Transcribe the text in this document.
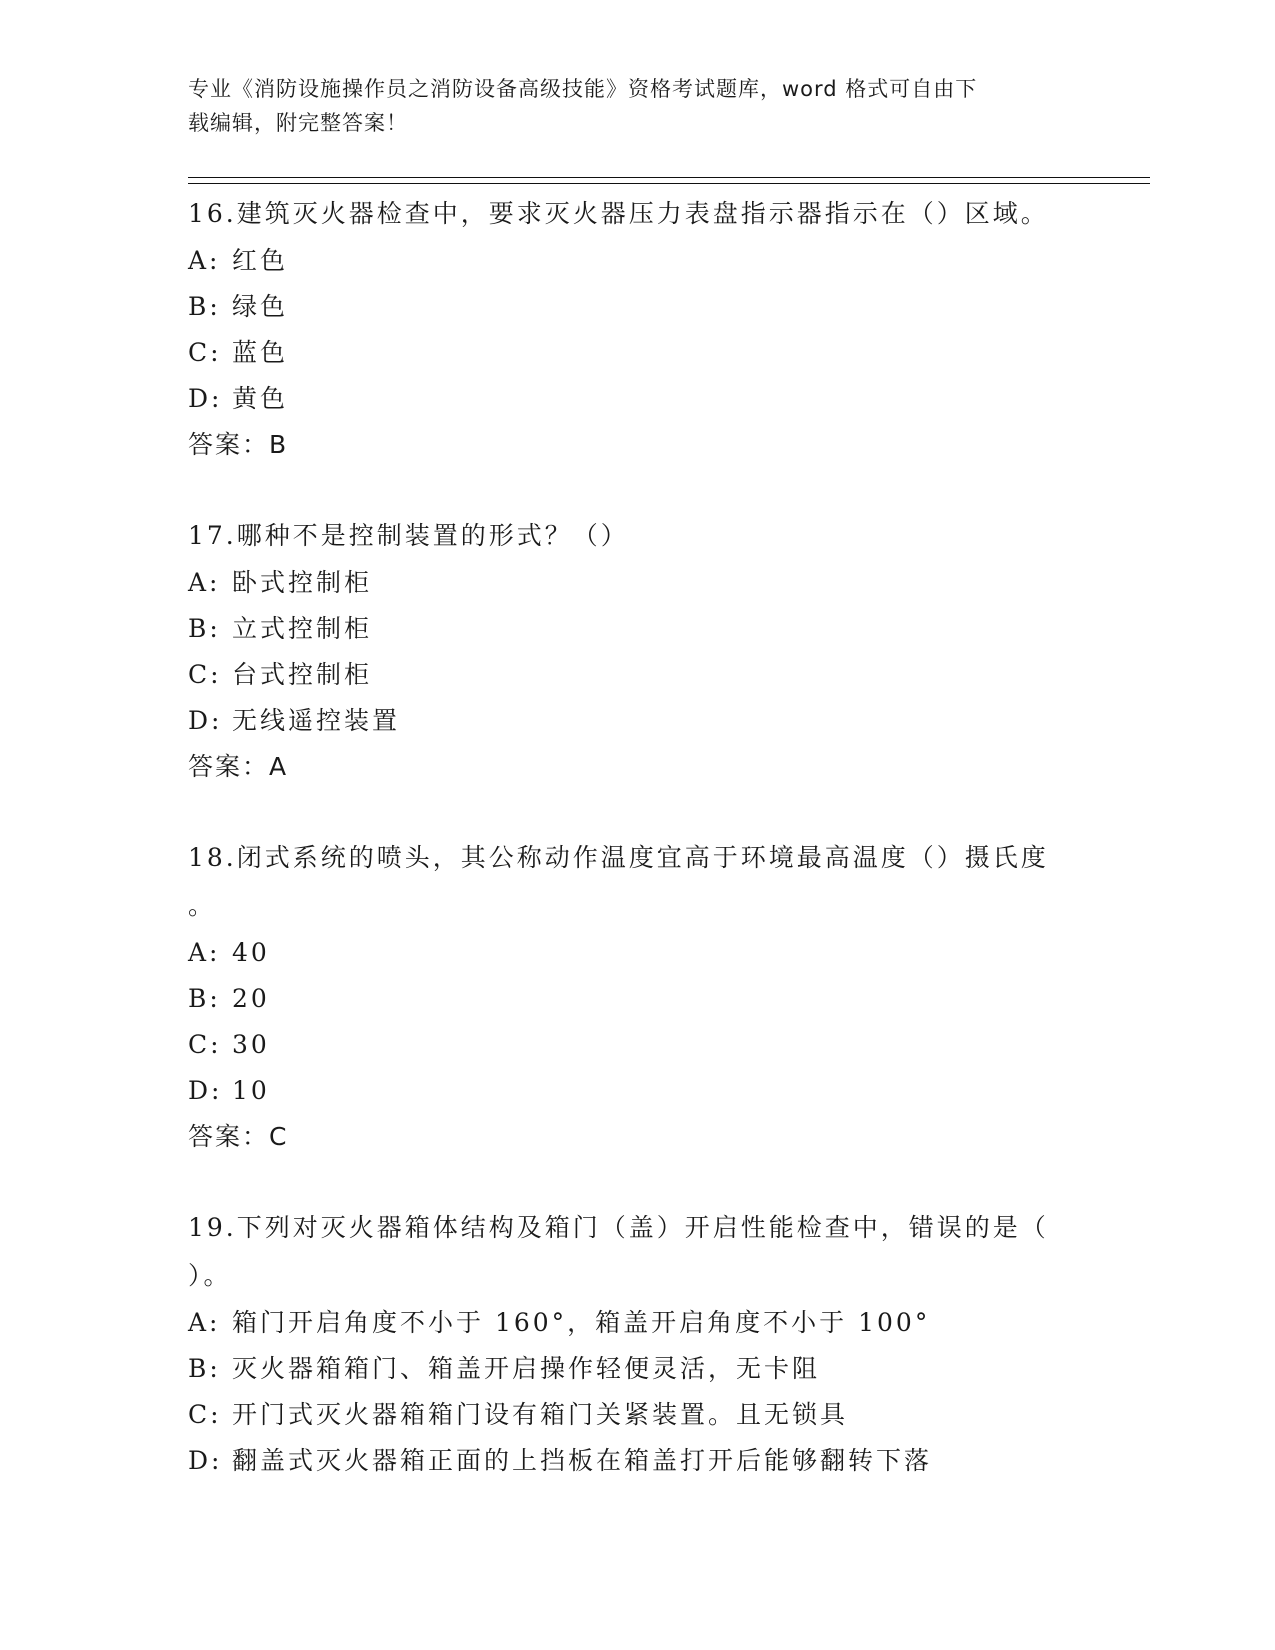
专业《消防设施操作员之消防设备高级技能》资格考试题库，word 格式可自由下
载编辑，附完整答案！

16.建筑灭火器检查中，要求灭火器压力表盘指示器指示在（）区域。

A: 红色

B: 绿色

C: 蓝色

D: 黄色

答案：B

17.哪种不是控制装置的形式？（）

A: 卧式控制柜

B: 立式控制柜

C: 台式控制柜

D: 无线遥控装置

答案：A

18.闭式系统的喷头，其公称动作温度宜高于环境最高温度（）摄氏度

。

A: 40

B: 20

C: 30

D: 10

答案：C

19.下列对灭火器箱体结构及箱门（盖）开启性能检查中，错误的是（

）。

A: 箱门开启角度不小于 160°，箱盖开启角度不小于 100°

B: 灭火器箱箱门、箱盖开启操作轻便灵活，无卡阻

C: 开门式灭火器箱箱门设有箱门关紧装置。且无锁具

D: 翻盖式灭火器箱正面的上挡板在箱盖打开后能够翻转下落
